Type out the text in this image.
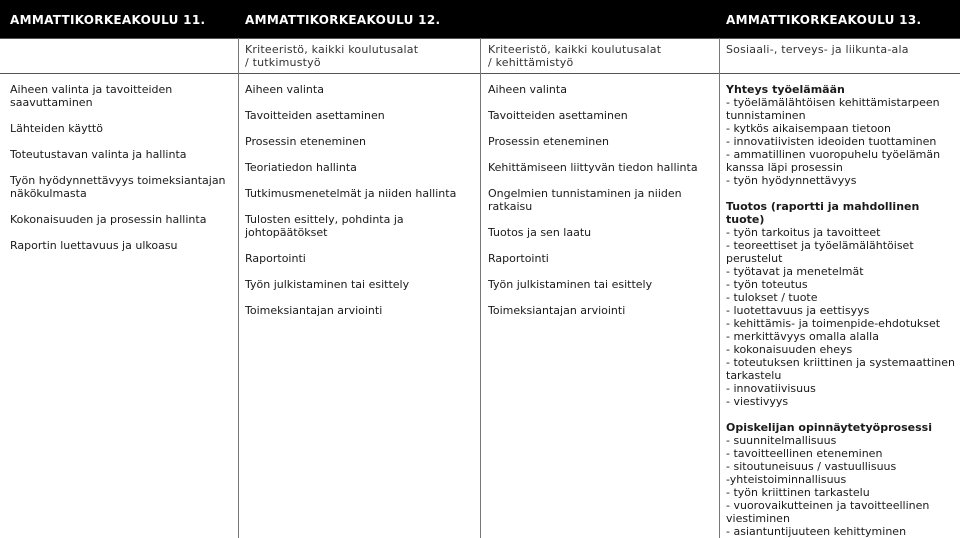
AMMATTIKORKEAKOULU 11.	AMMATTIKORKEAKOULU 12.	AMMATTIKORKEAKOULU 13.
Kriteeristö, kaikki koulutusalat
/ tutkimustyö
Kriteeristö, kaikki koulutusalat
/ kehittämistyö
Sosiaali-, terveys- ja liikunta-ala
Aiheen valinta ja tavoitteiden
saavuttaminen
Lähteiden käyttö
Toteutustavan valinta ja hallinta
Työn hyödynnettävyys toimeksiantajan
näkökulmasta
Kokonaisuuden ja prosessin hallinta
Raportin luettavuus ja ulkoasu
Aiheen valinta
Tavoitteiden asettaminen
Prosessin eteneminen
Teoriatiedon hallinta
Tutkimusmenetelmät ja niiden hallinta
Tulosten esittely, pohdinta ja
johtopäätökset
Raportointi
Työn julkistaminen tai esittely
Toimeksiantajan arviointi
Aiheen valinta
Tavoitteiden asettaminen
Prosessin eteneminen
Kehittämiseen liittyvän tiedon hallinta
Ongelmien tunnistaminen ja niiden
ratkaisu
Tuotos ja sen laatu
Raportointi
Työn julkistaminen tai esittely
Toimeksiantajan arviointi
Yhteys työelämään
- työelämälähtöisen kehittämistarpeen
tunnistaminen
- kytkös aikaisempaan tietoon
- innovatiivisten ideoiden tuottaminen
- ammatillinen vuoropuhelu työelämän
kanssa läpi prosessin
- työn hyödynnettävyys
Tuotos (raportti ja mahdollinen
tuote)
- työn tarkoitus ja tavoitteet
- teoreettiset ja työelämälähtöiset
perustelut
- työtavat ja menetelmät
- työn toteutus
- tulokset / tuote
- luotettavuus ja eettisyys
- kehittämis- ja toimenpide-ehdotukset
- merkittävyys omalla alalla
- kokonaisuuden eheys
- toteutuksen kriittinen ja systemaattinen
tarkastelu
- innovatiivisuus
- viestivyys
Opiskelijan opinnäytetyöprosessi
- suunnitelmallisuus
- tavoitteellinen eteneminen
- sitoutuneisuus / vastuullisuus
-yhteistoiminnallisuus
- työn kriittinen tarkastelu
- vuorovaikutteinen ja tavoitteellinen
viestiminen
- asiantuntijuuteen kehittyminen
